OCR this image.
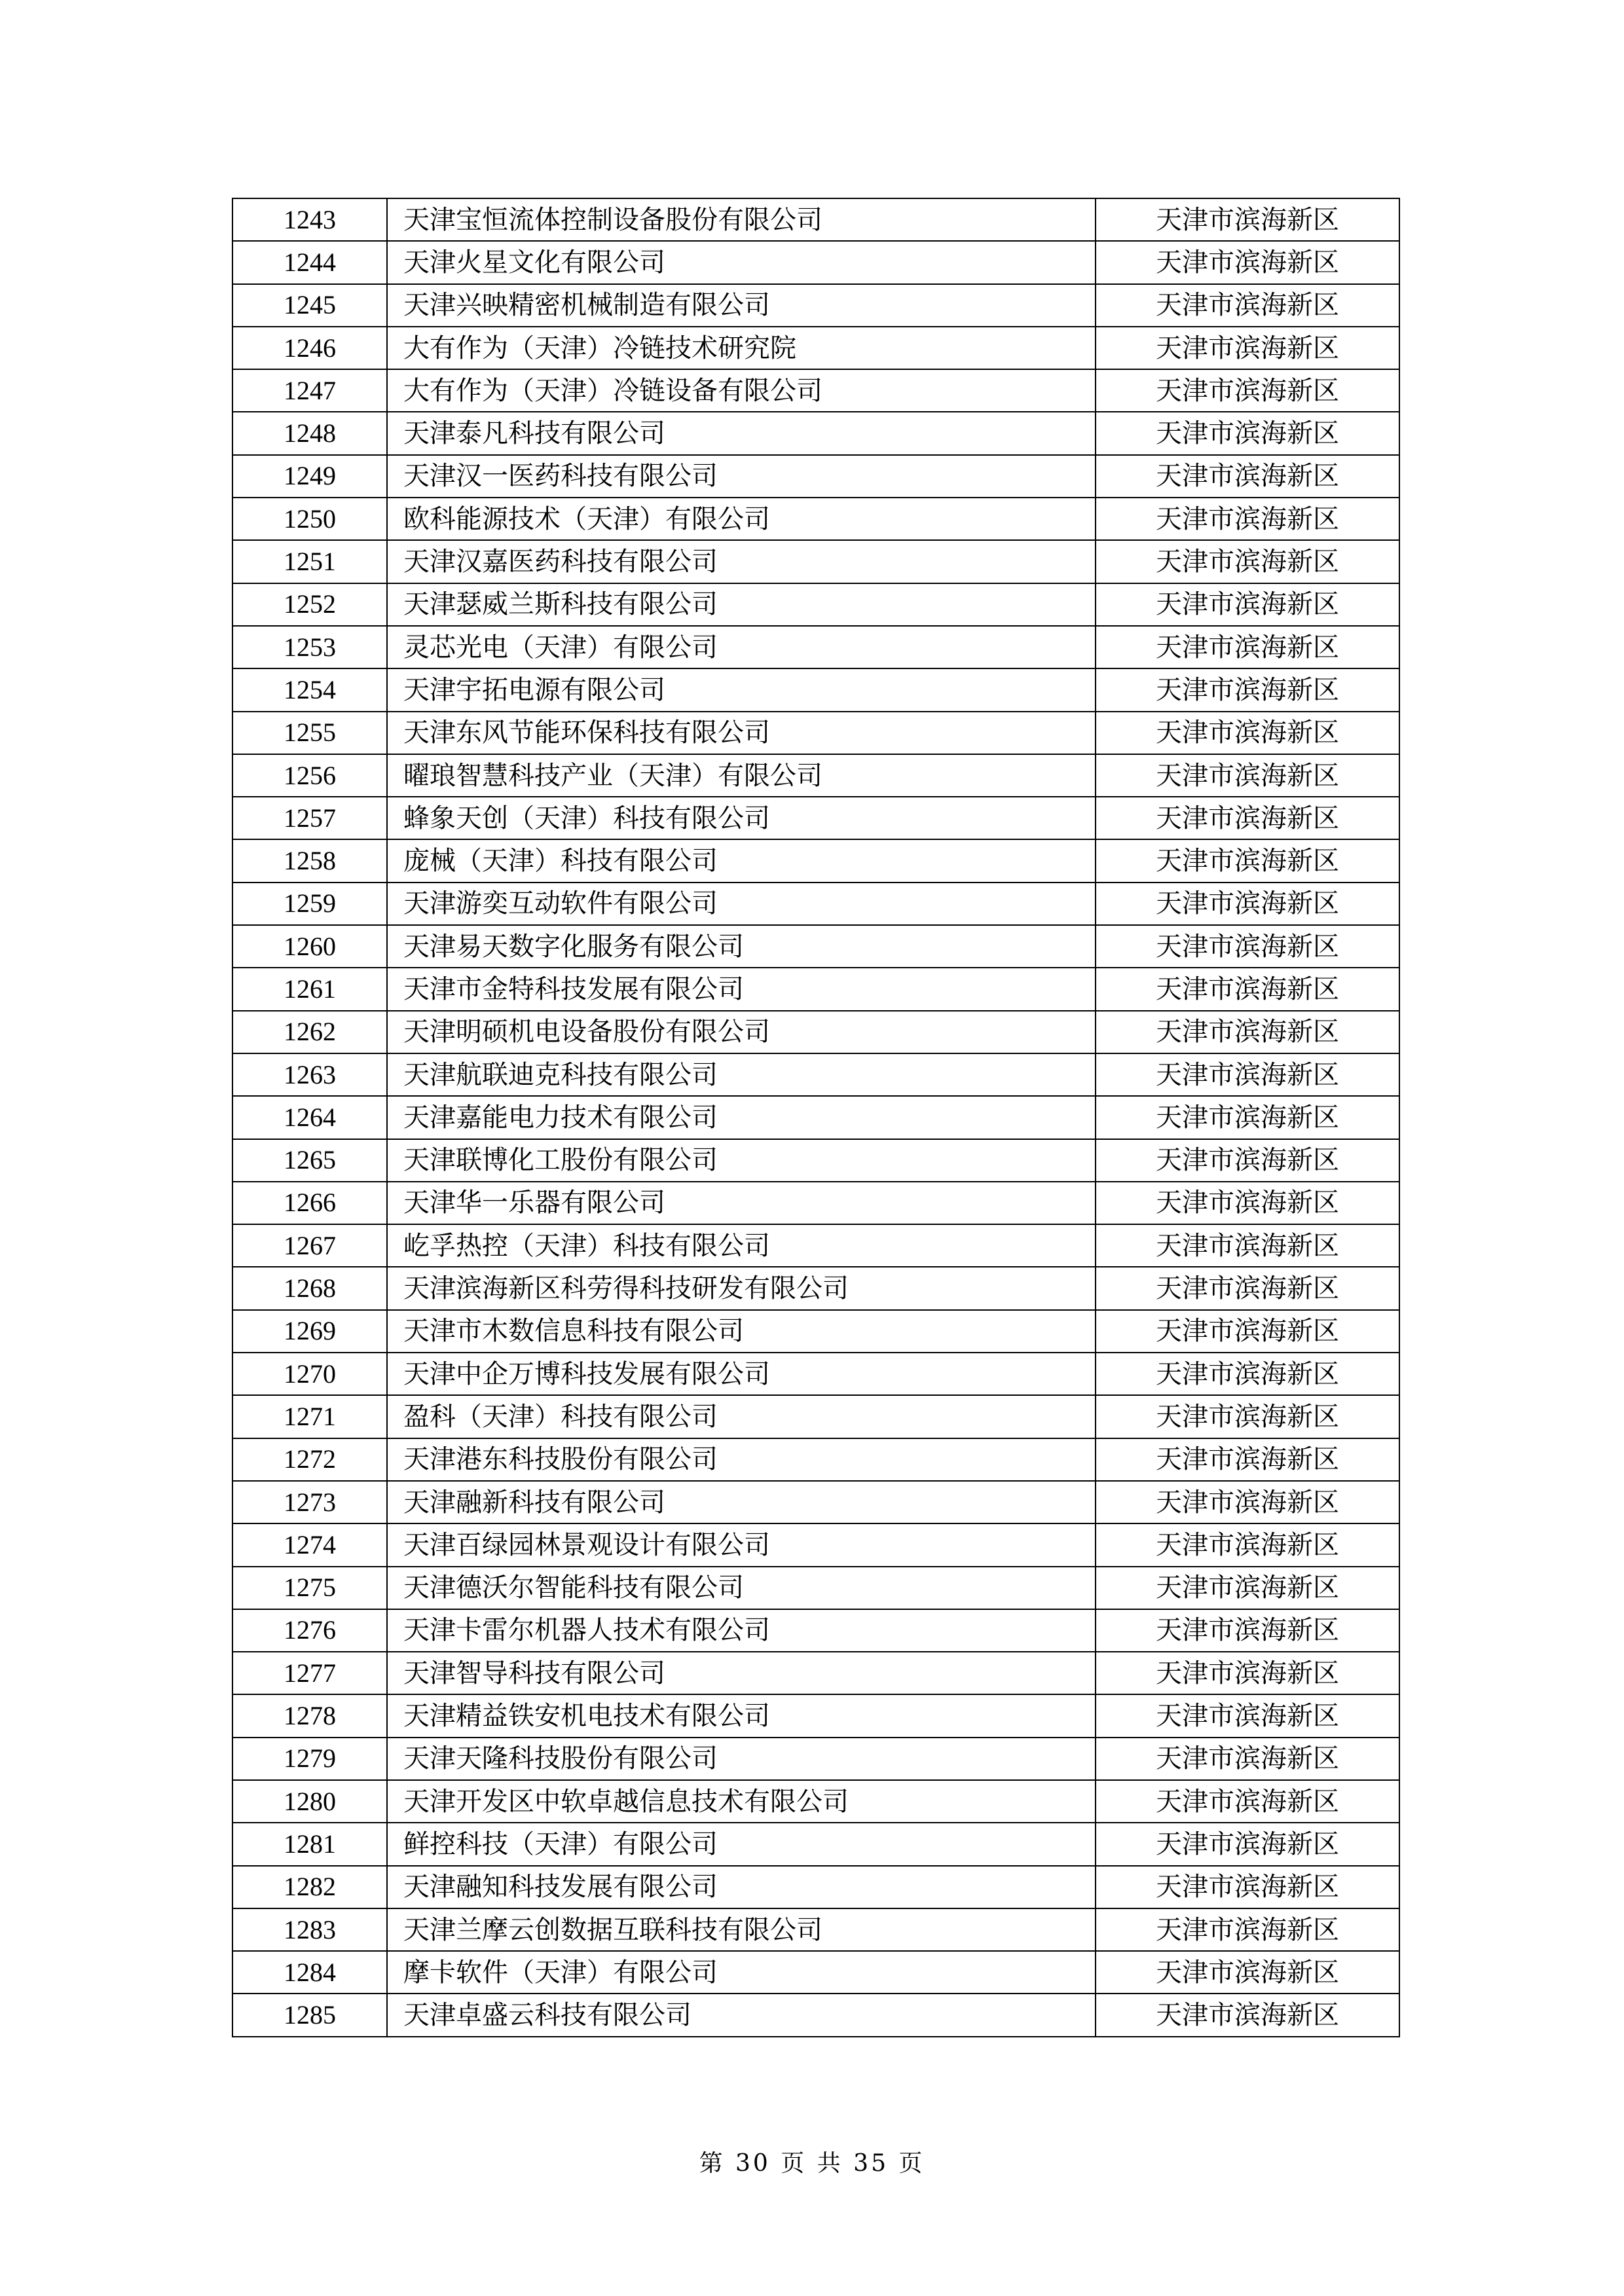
1243	天津宝恒流体控制设备股份有限公司	天津市滨海新区
1244	天津火星文化有限公司	天津市滨海新区
1245	天津兴映精密机械制造有限公司	天津市滨海新区
1246	大有作为（天津）冷链技术研究院	天津市滨海新区
1247	大有作为（天津）冷链设备有限公司	天津市滨海新区
1248	天津泰凡科技有限公司	天津市滨海新区
1249	天津汉一医药科技有限公司	天津市滨海新区
1250	欧科能源技术（天津）有限公司	天津市滨海新区
1251	天津汉嘉医药科技有限公司	天津市滨海新区
1252	天津瑟威兰斯科技有限公司	天津市滨海新区
1253	灵芯光电（天津）有限公司	天津市滨海新区
1254	天津宇拓电源有限公司	天津市滨海新区
1255	天津东风节能环保科技有限公司	天津市滨海新区
1256	曜琅智慧科技产业（天津）有限公司	天津市滨海新区
1257	蜂象天创（天津）科技有限公司	天津市滨海新区
1258	庞械（天津）科技有限公司	天津市滨海新区
1259	天津游奕互动软件有限公司	天津市滨海新区
1260	天津易天数字化服务有限公司	天津市滨海新区
1261	天津市金特科技发展有限公司	天津市滨海新区
1262	天津明硕机电设备股份有限公司	天津市滨海新区
1263	天津航联迪克科技有限公司	天津市滨海新区
1264	天津嘉能电力技术有限公司	天津市滨海新区
1265	天津联博化工股份有限公司	天津市滨海新区
1266	天津华一乐器有限公司	天津市滨海新区
1267	屹孚热控（天津）科技有限公司	天津市滨海新区
1268	天津滨海新区科劳得科技研发有限公司	天津市滨海新区
1269	天津市木数信息科技有限公司	天津市滨海新区
1270	天津中企万博科技发展有限公司	天津市滨海新区
1271	盈科（天津）科技有限公司	天津市滨海新区
1272	天津港东科技股份有限公司	天津市滨海新区
1273	天津融新科技有限公司	天津市滨海新区
1274	天津百绿园林景观设计有限公司	天津市滨海新区
1275	天津德沃尔智能科技有限公司	天津市滨海新区
1276	天津卡雷尔机器人技术有限公司	天津市滨海新区
1277	天津智导科技有限公司	天津市滨海新区
1278	天津精益铁安机电技术有限公司	天津市滨海新区
1279	天津天隆科技股份有限公司	天津市滨海新区
1280	天津开发区中软卓越信息技术有限公司	天津市滨海新区
1281	鲜控科技（天津）有限公司	天津市滨海新区
1282	天津融知科技发展有限公司	天津市滨海新区
1283	天津兰摩云创数据互联科技有限公司	天津市滨海新区
1284	摩卡软件（天津）有限公司	天津市滨海新区
1285	天津卓盛云科技有限公司	天津市滨海新区
第 30 页 共 35 页
